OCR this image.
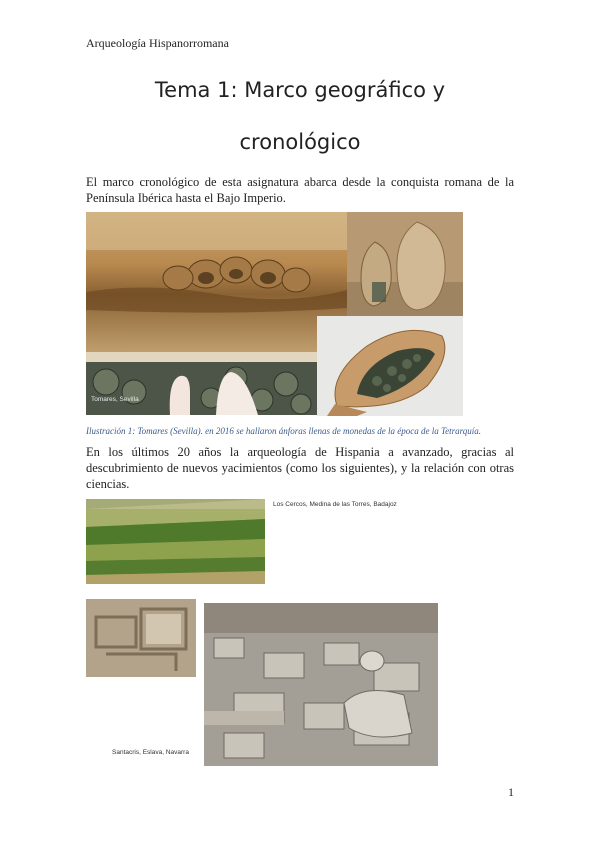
Arqueología Hispanorromana
Tema 1: Marco geográfico y
cronológico

El marco cronológico de esta asignatura abarca desde la conquista romana de la Península Ibérica hasta el Bajo Imperio.

Tomares, Sevilla
Ilustración 1: Tomares (Sevilla). en 2016 se hallaron ánforas llenas de monedas de la época de la Tetrarquía.

En los últimos 20 años la arqueología de Hispania a avanzado, gracias al descubrimiento de nuevos yacimientos (como los siguientes), y la relación con otras ciencias.

Los Cercos, Medina de las Torres, Badajoz
Santacris, Eslava, Navarra
1
